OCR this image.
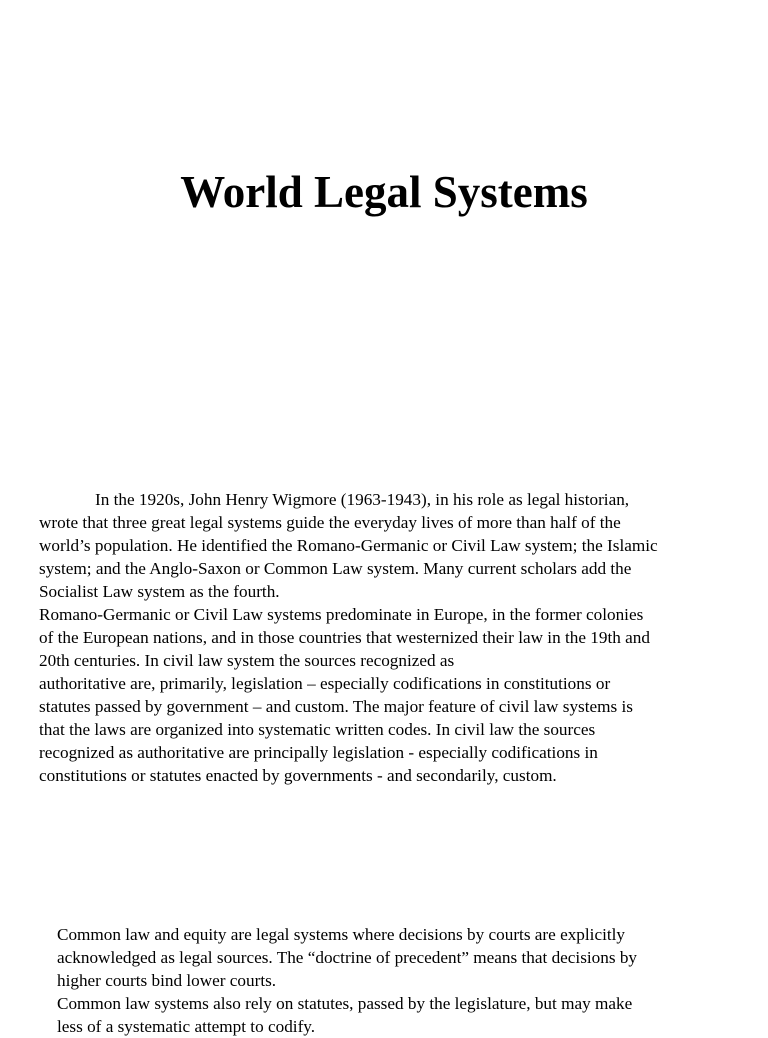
World Legal Systems

In the 1920s, John Henry Wigmore (1963-1943), in his role as legal historian,
wrote that three great legal systems guide the everyday lives of more than half of the
world’s population. He identified the Romano-Germanic or Civil Law system; the Islamic
system; and the Anglo-Saxon or Common Law system. Many current scholars add the
Socialist Law system as the fourth.

Romano-Germanic or Civil Law systems predominate in Europe, in the former colonies
of the European nations, and in those countries that westernized their law in the 19th and
20th centuries. In civil law system the sources recognized as
authoritative are, primarily, legislation – especially codifications in constitutions or
statutes passed by government – and custom. The major feature of civil law systems is
that the laws are organized into systematic written codes. In civil law the sources
recognized as authoritative are principally legislation - especially codifications in
constitutions or statutes enacted by governments - and secondarily, custom.

Common law and equity are legal systems where decisions by courts are explicitly
acknowledged as legal sources. The “doctrine of precedent” means that decisions by
higher courts bind lower courts.

Common law systems also rely on statutes, passed by the legislature, but may make
less of a systematic attempt to codify.
